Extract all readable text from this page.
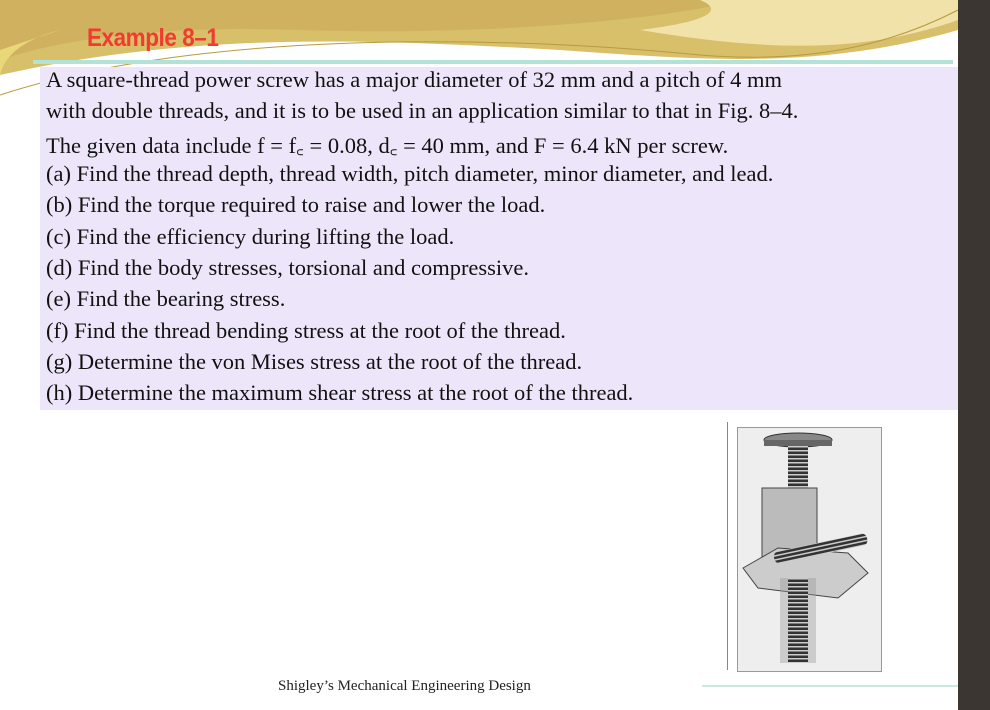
Example 8–1
A square-thread power screw has a major diameter of 32 mm and a pitch of 4 mm
with double threads, and it is to be used in an application similar to that in Fig. 8–4.
The given data include f = f꜀ = 0.08, d꜀ = 40 mm, and F = 6.4 kN per screw.
(a) Find the thread depth, thread width, pitch diameter, minor diameter, and lead.
(b) Find the torque required to raise and lower the load.
(c) Find the efficiency during lifting the load.
(d) Find the body stresses, torsional and compressive.
(e) Find the bearing stress.
(f) Find the thread bending stress at the root of the thread.
(g) Determine the von Mises stress at the root of the thread.
(h) Determine the maximum shear stress at the root of the thread.
Shigley’s Mechanical Engineering Design
